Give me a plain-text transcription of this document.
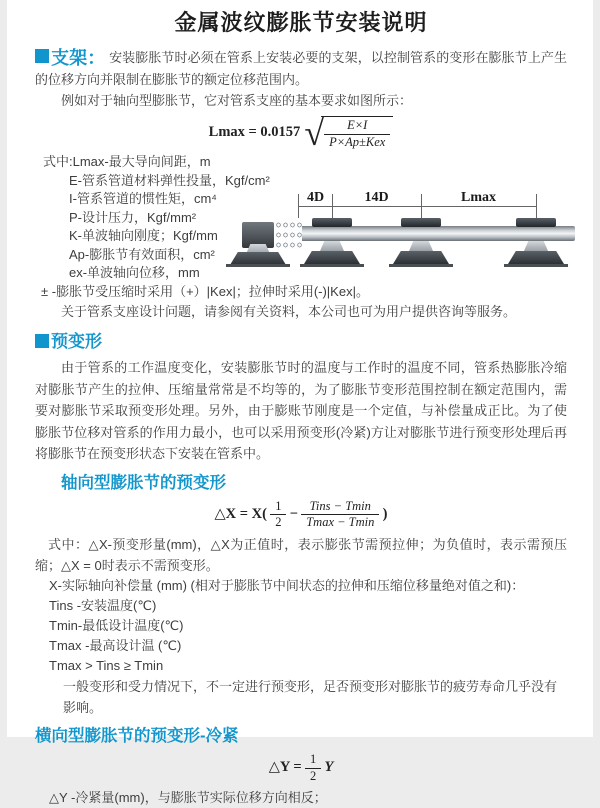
金属波纹膨胀节安装说明

支架： 安装膨胀节时必须在管系上安装必要的支架，以控制管系的变形在膨胀节上产生的位移方向并限制在膨胀节的额定位移范围内。

例如对于轴向型膨胀节，它对管系支座的基本要求如图所示：

Lmax = 0.0157 √ $\frac{E\times I}{\text{P×Ap±Kex}}$
式中:Lmax-最大导向间距，m
E-管系管道材料弹性投量，Kgf/cm²
I-管系管道的惯性矩，cm⁴
P-设计压力，Kgf/mm²
K-单波轴向刚度；Kgf/mm
Ap-膨胀节有效面积，cm²
ex-单波轴向位移，mm
± -膨胀节受压缩时采用（+）|Kex|；拉伸时采用(-)|Kex|。

关于管系支座设计问题，请参阅有关资料，本公司也可为用户提供咨询等服务。

4D	14D	Lmax
预变形

由于管系的工作温度变化，安装膨胀节时的温度与工作时的温度不同，管系热膨胀冷缩对膨胀节产生的拉伸、压缩量常常是不均等的，为了膨胀节变形范围控制在额定范围内，需要对膨胀节采取预变形处理。另外，由于膨账节刚度是一个定值，与补偿量成正比。为了使膨胀节位移对管系的作用力最小，也可以采用预变形(冷紧)方让对膨胀节进行预变形处理后再将膨胀节在预变形状态下安装在管系中。

轴向型膨胀节的预变形
△X = $X( \frac{1}{2} - \frac{\text{Tins − Tmin}}{Tmax - Tmin}$ )

式中：△X-预变形量(mm)，△X为正值时，表示膨张节需预拉伸；为负值时，表示需预压缩；△X = 0时表示不需预变形。

X-实际轴向补偿量 (mm) (相对于膨胀节中间状态的拉伸和压缩位移量绝对值之和)：
Tins -安装温度(℃)
Tmin-最低设计温度(℃)
Tmax -最高设计温 (℃)
Tmax > Tins ≥ Tmin

一般变形和受力情况下，不一定进行预变形，足否预变形对膨胀节的疲劳寿命几乎没有影响。

横向型膨胀节的预变形-冷紧
△Y = $\frac{1}{2}$ Y

△Y -冷紧量(mm)，与膨胀节实际位移方向相反；
